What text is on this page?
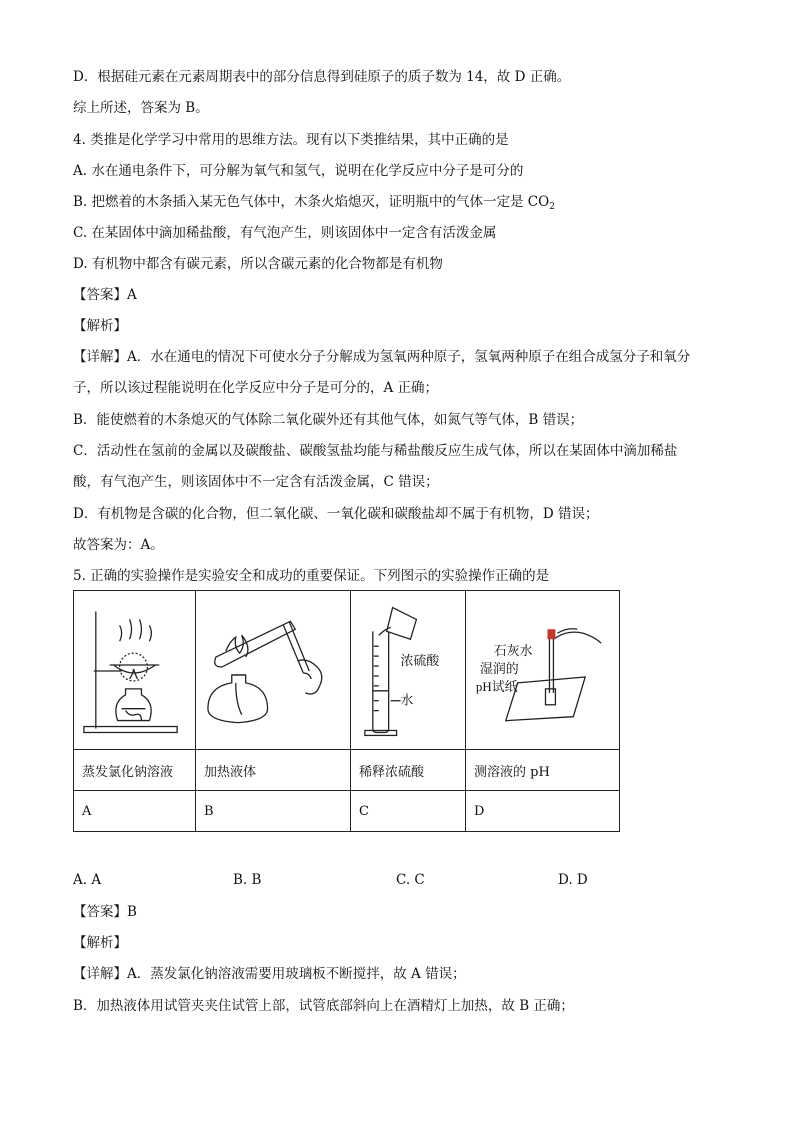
D．根据硅元素在元素周期表中的部分信息得到硅原子的质子数为 14，故 D 正确。
综上所述，答案为 B。
4. 类推是化学学习中常用的思维方法。现有以下类推结果，其中正确的是
A. 水在通电条件下，可分解为氧气和氢气，说明在化学反应中分子是可分的
B. 把燃着的木条插入某无色气体中，木条火焰熄灭，证明瓶中的气体一定是 $CO_2$
C. 在某固体中滴加稀盐酸，有气泡产生，则该固体中一定含有活泼金属
D. 有机物中都含有碳元素，所以含碳元素的化合物都是有机物
【答案】A
【解析】
【详解】A．水在通电的情况下可使水分子分解成为氢氧两种原子，氢氧两种原子在组合成氢分子和氧分
子，所以该过程能说明在化学反应中分子是可分的，A 正确；
B．能使燃着的木条熄灭的气体除二氧化碳外还有其他气体，如氮气等气体，B 错误；
C．活动性在氢前的金属以及碳酸盐、碳酸氢盐均能与稀盐酸反应生成气体，所以在某固体中滴加稀盐
酸，有气泡产生，则该固体中不一定含有活泼金属，C 错误；
D．有机物是含碳的化合物，但二氧化碳、一氧化碳和碳酸盐却不属于有机物，D 错误；
故答案为：A。
5. 正确的实验操作是实验安全和成功的重要保证。下列图示的实验操作正确的是

浓硫酸
水	石灰水
湿润的
pH试纸

蒸发氯化钠溶液	加热液体	稀释浓硫酸	测溶液的 pH
A	B	C	D
A. A	B. B	C. C	D. D
【答案】B
【解析】
【详解】A．蒸发氯化钠溶液需要用玻璃板不断搅拌，故 A 错误；
B．加热液体用试管夹夹住试管上部，试管底部斜向上在酒精灯上加热，故 B 正确；
